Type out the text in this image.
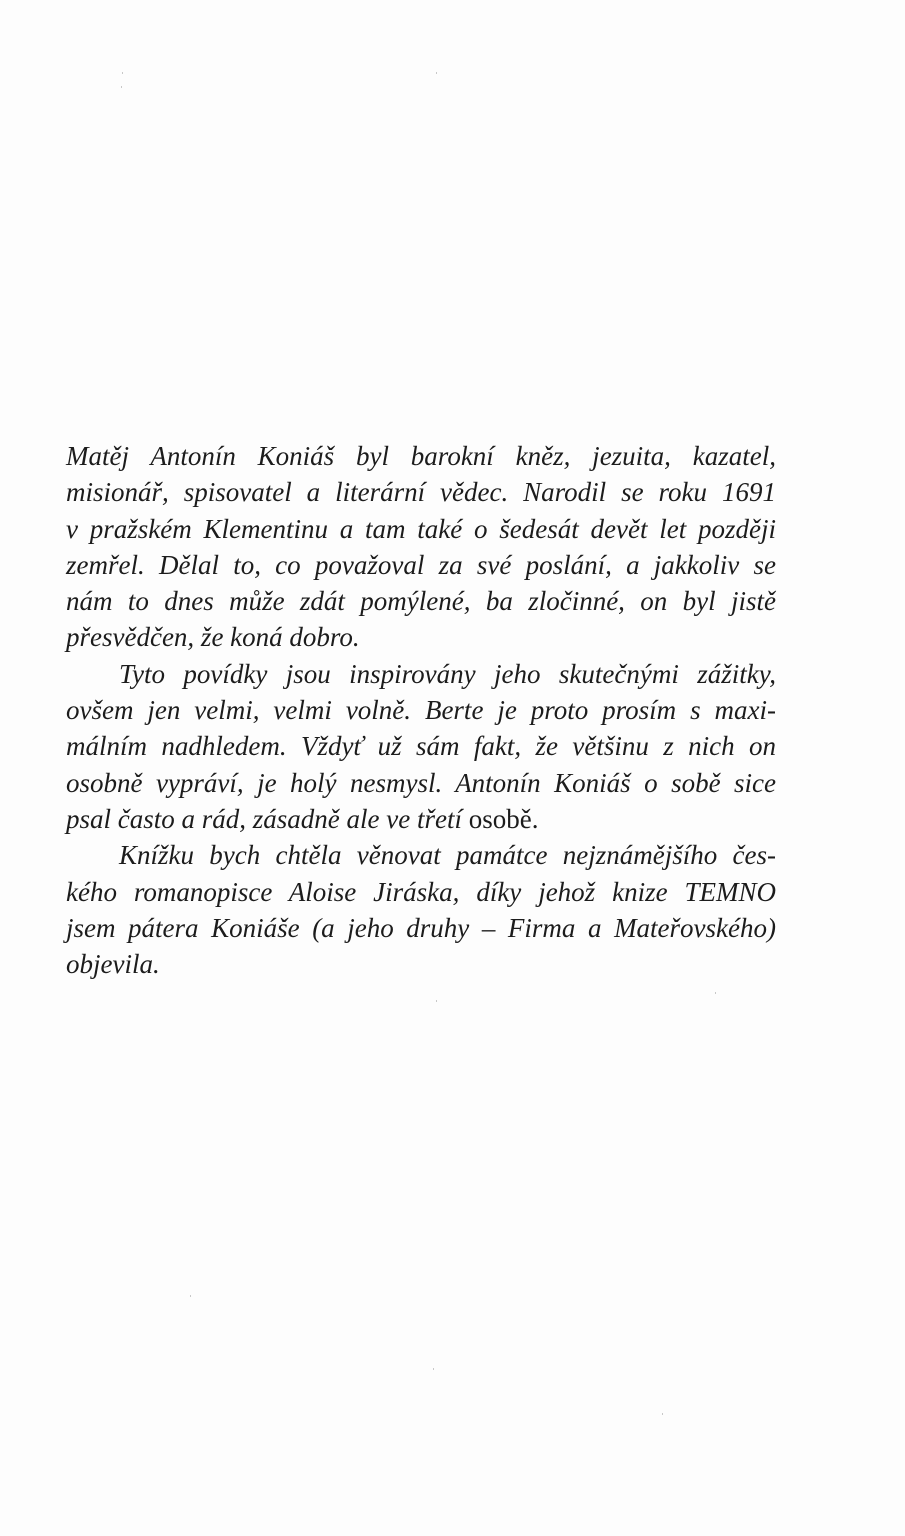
Matěj Antonín Koniáš byl barokní kněz, jezuita, kazatel,
misionář, spisovatel a literární vědec. Narodil se roku 1691
v pražském Klementinu a tam také o šedesát devět let později
zemřel. Dělal to, co považoval za své poslání, a jakkoliv se
nám to dnes může zdát pomýlené, ba zločinné, on byl jistě
přesvědčen, že koná dobro.
Tyto povídky jsou inspirovány jeho skutečnými zážitky,
ovšem jen velmi, velmi volně. Berte je proto prosím s maxi-
málním nadhledem. Vždyť už sám fakt, že většinu z nich on
osobně vypráví, je holý nesmysl. Antonín Koniáš o sobě sice
psal často a rád, zásadně ale ve třetí osobě.
Knížku bych chtěla věnovat památce nejznámějšího čes-
kého romanopisce Aloise Jiráska, díky jehož knize TEMNO
jsem pátera Koniáše (a jeho druhy – Firma a Mateřovského)
objevila.
